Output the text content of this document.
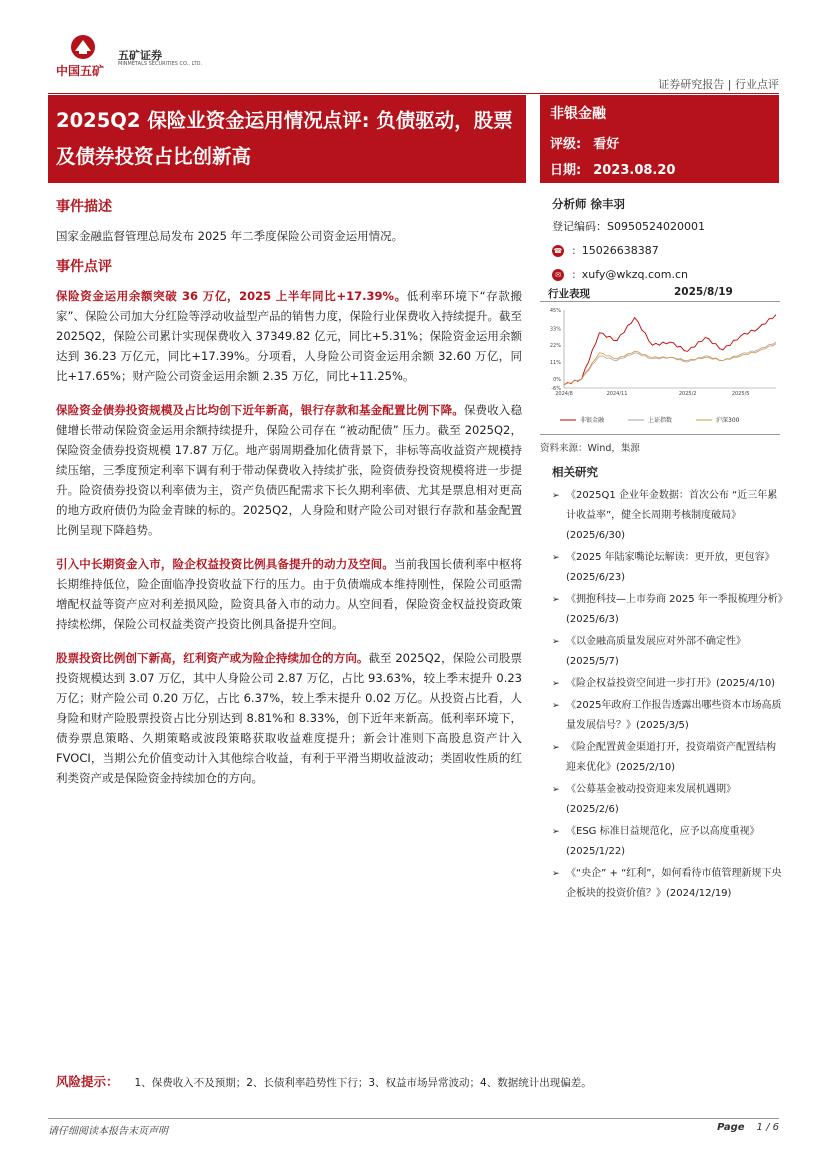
中国五矿
五矿证券
MINMETALS SECURITIES CO., LTD.
证券研究报告 | 行业点评
2025Q2 保险业资金运用情况点评: 负债驱动，股票及债券投资占比创新高
非银金融
评级: 看好
日期: 2023.08.20
事件描述
国家金融监督管理总局发布 2025 年二季度保险公司资金运用情况。
事件点评
保险资金运用余额突破 36 万亿，2025 上半年同比+17.39%。低利率环境下“存款搬家”、保险公司加大分红险等浮动收益型产品的销售力度，保险行业保费收入持续提升。截至 2025Q2，保险公司累计实现保费收入 37349.82 亿元，同比+5.31%；保险资金运用余额达到 36.23 万亿元，同比+17.39%。分项看，人身险公司资金运用余额 32.60 万亿，同比+17.65%；财产险公司资金运用余额 2.35 万亿，同比+11.25%。
保险资金债券投资规模及占比均创下近年新高，银行存款和基金配置比例下降。保费收入稳健增长带动保险资金运用余额持续提升，保险公司存在 “被动配债” 压力。截至 2025Q2，保险资金债券投资规模 17.87 万亿。地产弱周期叠加化债背景下，非标等高收益资产规模持续压缩，三季度预定利率下调有利于带动保费收入持续扩张，险资债券投资规模将进一步提升。险资债券投资以利率债为主，资产负债匹配需求下长久期利率债、尤其是票息相对更高的地方政府债仍为险金青睐的标的。2025Q2，人身险和财产险公司对银行存款和基金配置比例呈现下降趋势。
引入中长期资金入市，险企权益投资比例具备提升的动力及空间。当前我国长债利率中枢将长期维持低位，险企面临净投资收益下行的压力。由于负债端成本维持刚性，保险公司亟需增配权益等资产应对利差损风险，险资具备入市的动力。从空间看，保险资金权益投资政策持续松绑，保险公司权益类资产投资比例具备提升空间。
股票投资比例创下新高，红利资产或为险企持续加仓的方向。截至 2025Q2，保险公司股票投资规模达到 3.07 万亿，其中人身险公司 2.87 万亿，占比 93.63%，较上季末提升 0.23 万亿；财产险公司 0.20 万亿，占比 6.37%，较上季末提升 0.02 万亿。从投资占比看，人身险和财产险股票投资占比分别达到 8.81%和 8.33%，创下近年来新高。低利率环境下，债券票息策略、久期策略或波段策略获取收益难度提升；新会计准则下高股息资产计入 FVOCI，当期公允价值变动计入其他综合收益，有利于平滑当期收益波动；类固收性质的红利类资产或是保险资金持续加仓的方向。
分析师 徐丰羽
登记编码：S0950524020001
☎ : 15026638387
✉ : xufy@wkzq.com.cn
行业表现	2025/8/19
45%
33%
22%
11%
0%
-6%
2024/8	2024/11	2025/2	2025/5
非银金融	上证指数	沪深300
资料来源：Wind，集源
相关研究
➢ 《2025Q1 企业年金数据：首次公布 “近三年累计收益率”，健全长周期考核制度破局》(2025/6/30)
➢ 《2025 年陆家嘴论坛解读：更开放，更包容》(2025/6/23)
➢ 《拥抱科技—上市券商 2025 年一季报梳理分析》(2025/6/3)
➢ 《以金融高质量发展应对外部不确定性》(2025/5/7)
➢ 《险企权益投资空间进一步打开》(2025/4/10)
➢ 《2025年政府工作报告透露出哪些资本市场高质量发展信号？》(2025/3/5)
➢ 《险企配置黄金渠道打开，投资端资产配置结构迎来优化》(2025/2/10)
➢ 《公募基金被动投资迎来发展机遇期》(2025/2/6)
➢ 《ESG 标准日益规范化，应予以高度重视》(2025/1/22)
➢ 《“央企” + “红利”，如何看待市值管理新规下央企板块的投资价值？》(2024/12/19)
风险提示： 1、保费收入不及预期；2、长债利率趋势性下行；3、权益市场异常波动；4、数据统计出现偏差。
请仔细阅读本报告末页声明	Page 1 / 6
